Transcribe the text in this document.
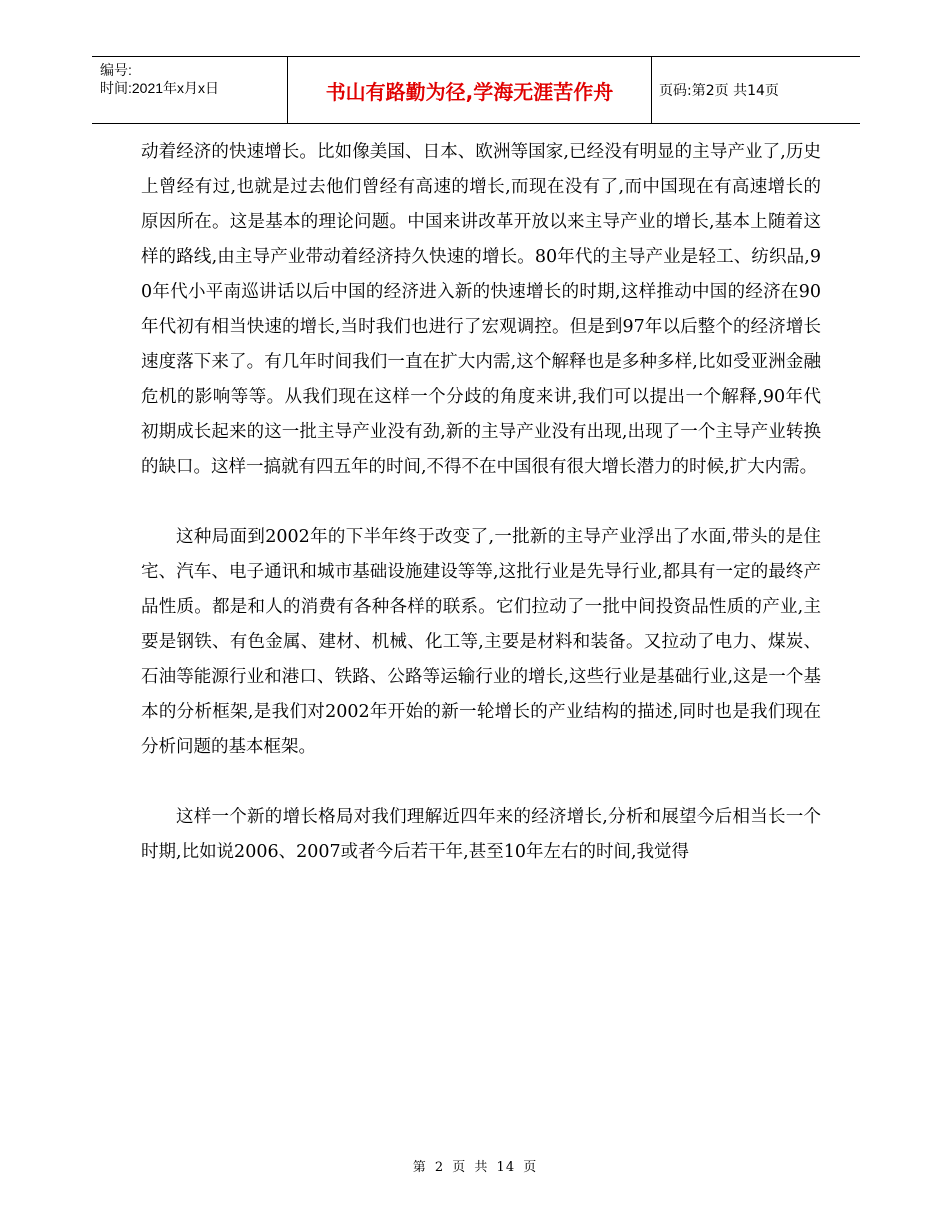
编号:
时间:2021年x月x日	书山有路勤为径,学海无涯苦作舟	页码:第2页 共14页

动着经济的快速增长。比如像美国、日本、欧洲等国家,已经没有明显的主导产业了,历史上曾经有过,也就是过去他们曾经有高速的增长,而现在没有了,而中国现在有高速增长的原因所在。这是基本的理论问题。中国来讲改革开放以来主导产业的增长,基本上随着这样的路线,由主导产业带动着经济持久快速的增长。80年代的主导产业是轻工、纺织品,90年代小平南巡讲话以后中国的经济进入新的快速增长的时期,这样推动中国的经济在90年代初有相当快速的增长,当时我们也进行了宏观调控。但是到97年以后整个的经济增长速度落下来了。有几年时间我们一直在扩大内需,这个解释也是多种多样,比如受亚洲金融危机的影响等等。从我们现在这样一个分歧的角度来讲,我们可以提出一个解释,90年代初期成长起来的这一批主导产业没有劲,新的主导产业没有出现,出现了一个主导产业转换的缺口。这样一搞就有四五年的时间,不得不在中国很有很大增长潜力的时候,扩大内需。

这种局面到2002年的下半年终于改变了,一批新的主导产业浮出了水面,带头的是住宅、汽车、电子通讯和城市基础设施建设等等,这批行业是先导行业,都具有一定的最终产品性质。都是和人的消费有各种各样的联系。它们拉动了一批中间投资品性质的产业,主要是钢铁、有色金属、建材、机械、化工等,主要是材料和装备。又拉动了电力、煤炭、石油等能源行业和港口、铁路、公路等运输行业的增长,这些行业是基础行业,这是一个基本的分析框架,是我们对2002年开始的新一轮增长的产业结构的描述,同时也是我们现在分析问题的基本框架。

这样一个新的增长格局对我们理解近四年来的经济增长,分析和展望今后相当长一个时期,比如说2006、2007或者今后若干年,甚至10年左右的时间,我觉得

第 2 页 共 14 页
